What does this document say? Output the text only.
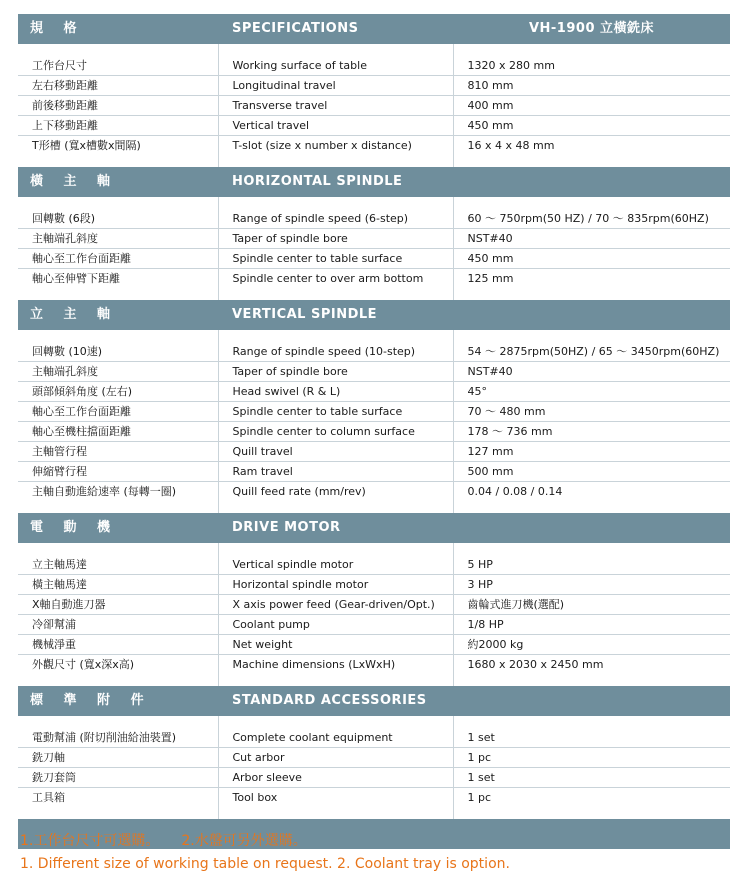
規 格	SPECIFICATIONS	VH-1900 立橫銑床

工作台尺寸	Working surface of table	1320 x 280 mm
左右移動距離	Longitudinal travel	810 mm
前後移動距離	Transverse travel	400 mm
上下移動距離	Vertical travel	450 mm
T形槽 (寬x槽數x間隔)	T-slot (size x number x distance)	16 x 4 x 48 mm

橫 主 軸	HORIZONTAL SPINDLE	

回轉數 (6段)	Range of spindle speed (6-step)	60 ～ 750rpm(50 HZ) / 70 ～ 835rpm(60HZ)
主軸端孔斜度	Taper of spindle bore	NST#40
軸心至工作台面距離	Spindle center to table surface	450 mm
軸心至伸臂下距離	Spindle center to over arm bottom	125 mm

立 主 軸	VERTICAL SPINDLE	

回轉數 (10速)	Range of spindle speed (10-step)	54 ～ 2875rpm(50HZ) / 65 ～ 3450rpm(60HZ)
主軸端孔斜度	Taper of spindle bore	NST#40
頭部傾斜角度 (左右)	Head swivel (R & L)	45°
軸心至工作台面距離	Spindle center to table surface	70 ～ 480 mm
軸心至機柱擋面距離	Spindle center to column surface	178 ～ 736 mm
主軸管行程	Quill travel	127 mm
伸縮臂行程	Ram travel	500 mm
主軸自動進給速率 (每轉一圈)	Quill feed rate (mm/rev)	0.04 / 0.08 / 0.14

電 動 機	DRIVE MOTOR	

立主軸馬達	Vertical spindle motor	5 HP
橫主軸馬達	Horizontal spindle motor	3 HP
X軸自動進刀器	X axis power feed (Gear-driven/Opt.)	齒輪式進刀機(選配)
冷卻幫浦	Coolant pump	1/8 HP
機械淨重	Net weight	約2000 kg
外觀尺寸 (寬x深x高)	Machine dimensions (LxWxH)	1680 x 2030 x 2450 mm

標 準 附 件	STANDARD ACCESSORIES	

電動幫浦 (附切削油給油裝置)	Complete coolant equipment	1 set
銑刀軸	Cut arbor	1 pc
銑刀套筒	Arbor sleeve	1 set
工具箱	Tool box	1 pc

1.工作台尺寸可選購。 2.水盤可另外選購。
1. Different size of working table on request. 2. Coolant tray is option.
